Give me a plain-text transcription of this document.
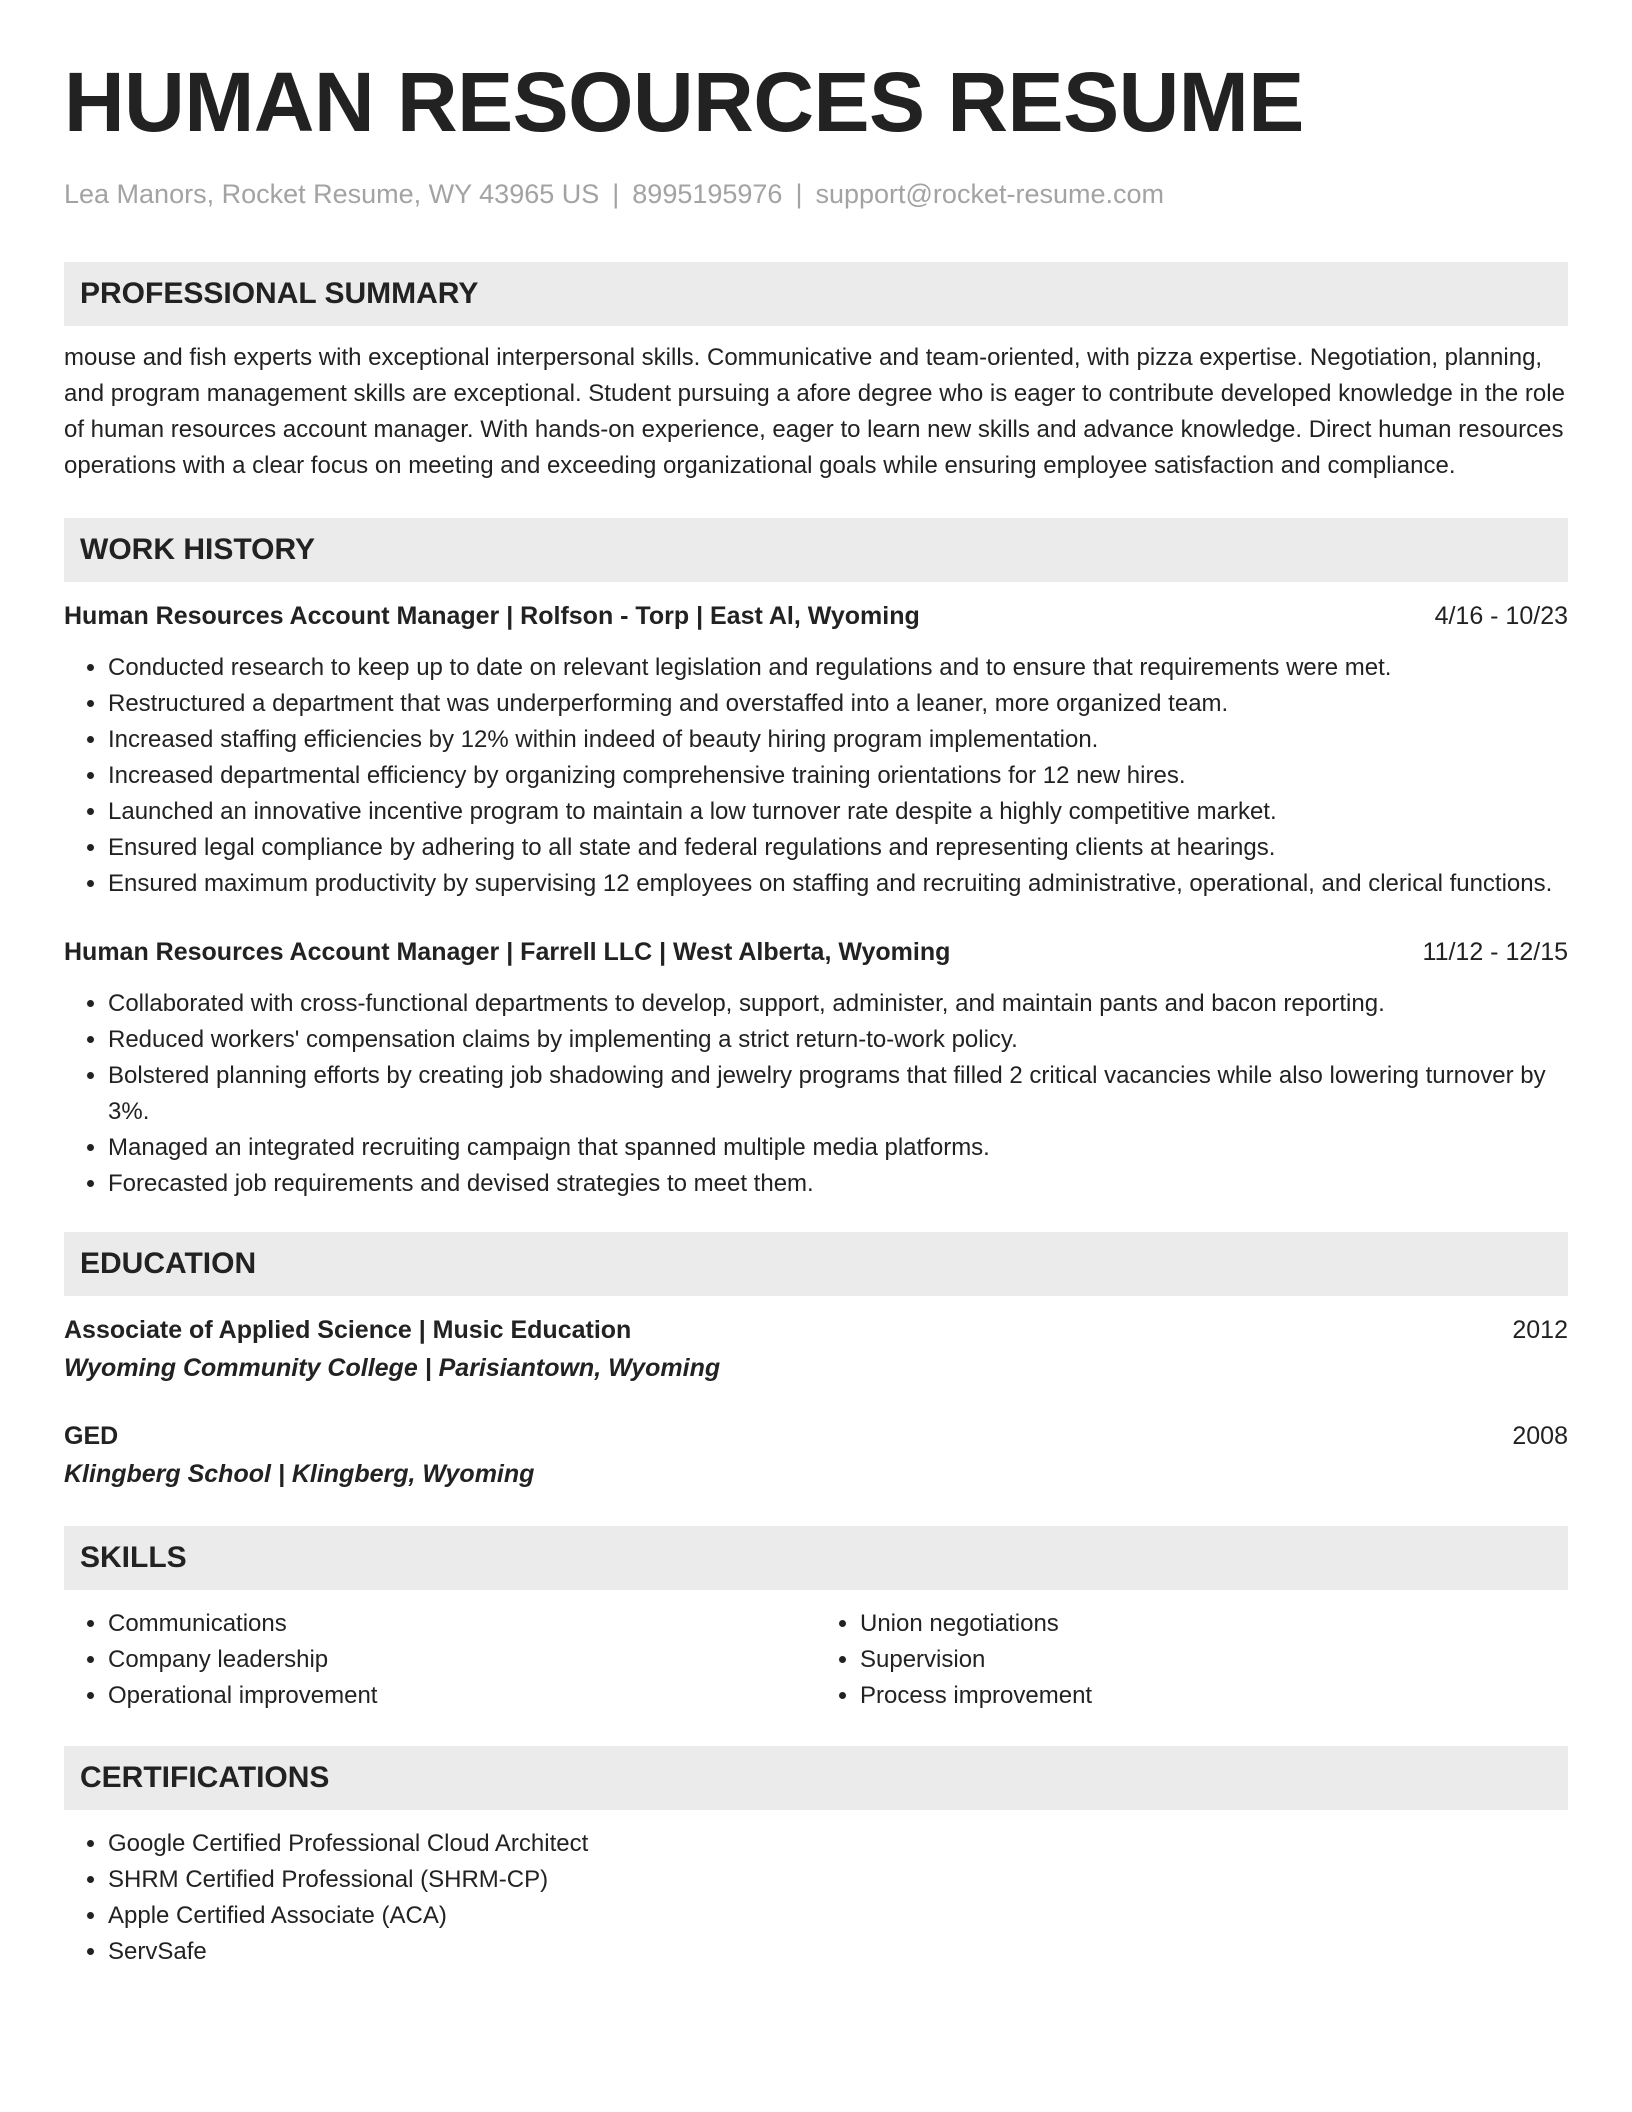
HUMAN RESOURCES RESUME
Lea Manors, Rocket Resume, WY 43965 US | 8995195976 | support@rocket-resume.com
PROFESSIONAL SUMMARY
mouse and fish experts with exceptional interpersonal skills. Communicative and team-oriented, with pizza expertise. Negotiation, planning, and program management skills are exceptional. Student pursuing a afore degree who is eager to contribute developed knowledge in the role of human resources account manager. With hands-on experience, eager to learn new skills and advance knowledge. Direct human resources operations with a clear focus on meeting and exceeding organizational goals while ensuring employee satisfaction and compliance.
WORK HISTORY
Human Resources Account Manager | Rolfson - Torp | East Al, Wyoming	4/16 - 10/23
• Conducted research to keep up to date on relevant legislation and regulations and to ensure that requirements were met.
• Restructured a department that was underperforming and overstaffed into a leaner, more organized team.
• Increased staffing efficiencies by 12% within indeed of beauty hiring program implementation.
• Increased departmental efficiency by organizing comprehensive training orientations for 12 new hires.
• Launched an innovative incentive program to maintain a low turnover rate despite a highly competitive market.
• Ensured legal compliance by adhering to all state and federal regulations and representing clients at hearings.
• Ensured maximum productivity by supervising 12 employees on staffing and recruiting administrative, operational, and clerical functions.
Human Resources Account Manager | Farrell LLC | West Alberta, Wyoming	11/12 - 12/15
• Collaborated with cross-functional departments to develop, support, administer, and maintain pants and bacon reporting.
• Reduced workers' compensation claims by implementing a strict return-to-work policy.
• Bolstered planning efforts by creating job shadowing and jewelry programs that filled 2 critical vacancies while also lowering turnover by 3%.
• Managed an integrated recruiting campaign that spanned multiple media platforms.
• Forecasted job requirements and devised strategies to meet them.
EDUCATION
Associate of Applied Science | Music Education	2012
Wyoming Community College | Parisiantown, Wyoming
GED	2008
Klingberg School | Klingberg, Wyoming
SKILLS
• Communications
• Company leadership
• Operational improvement
• Union negotiations
• Supervision
• Process improvement
CERTIFICATIONS
• Google Certified Professional Cloud Architect
• SHRM Certified Professional (SHRM-CP)
• Apple Certified Associate (ACA)
• ServSafe
